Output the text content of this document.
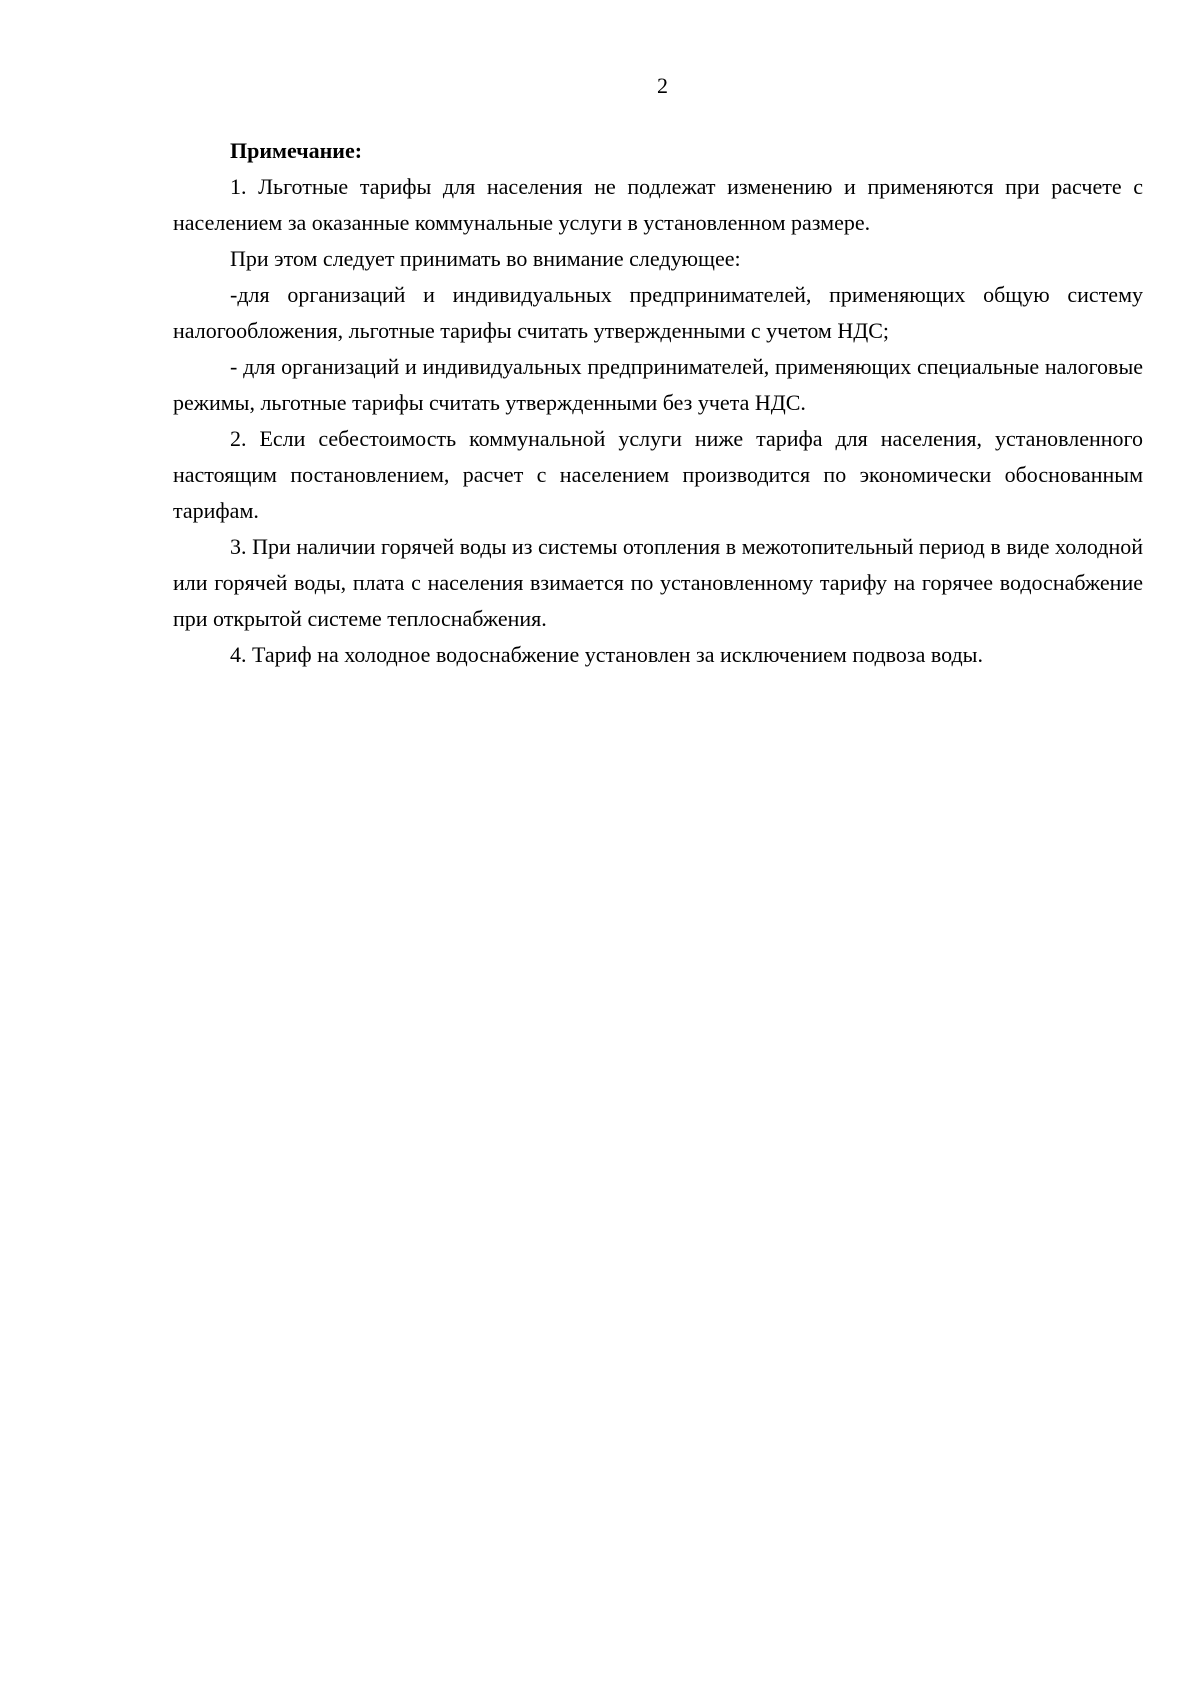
2

Примечание:

1. Льготные тарифы для населения не подлежат изменению и применяются при расчете с населением за оказанные коммунальные услуги в установленном размере.

При этом следует принимать во внимание следующее:

-для организаций и индивидуальных предпринимателей, применяющих общую систему налогообложения, льготные тарифы считать утвержденными с учетом НДС;

- для организаций и индивидуальных предпринимателей, применяющих специальные налоговые режимы, льготные тарифы считать утвержденными без учета НДС.

2. Если себестоимость коммунальной услуги ниже тарифа для населения, установленного настоящим постановлением, расчет с населением производится по экономически обоснованным тарифам.

3. При наличии горячей воды из системы отопления в межотопительный период в виде холодной или горячей воды, плата с населения взимается по установленному тарифу на горячее водоснабжение при открытой системе теплоснабжения.

4. Тариф на холодное водоснабжение установлен за исключением подвоза воды.
